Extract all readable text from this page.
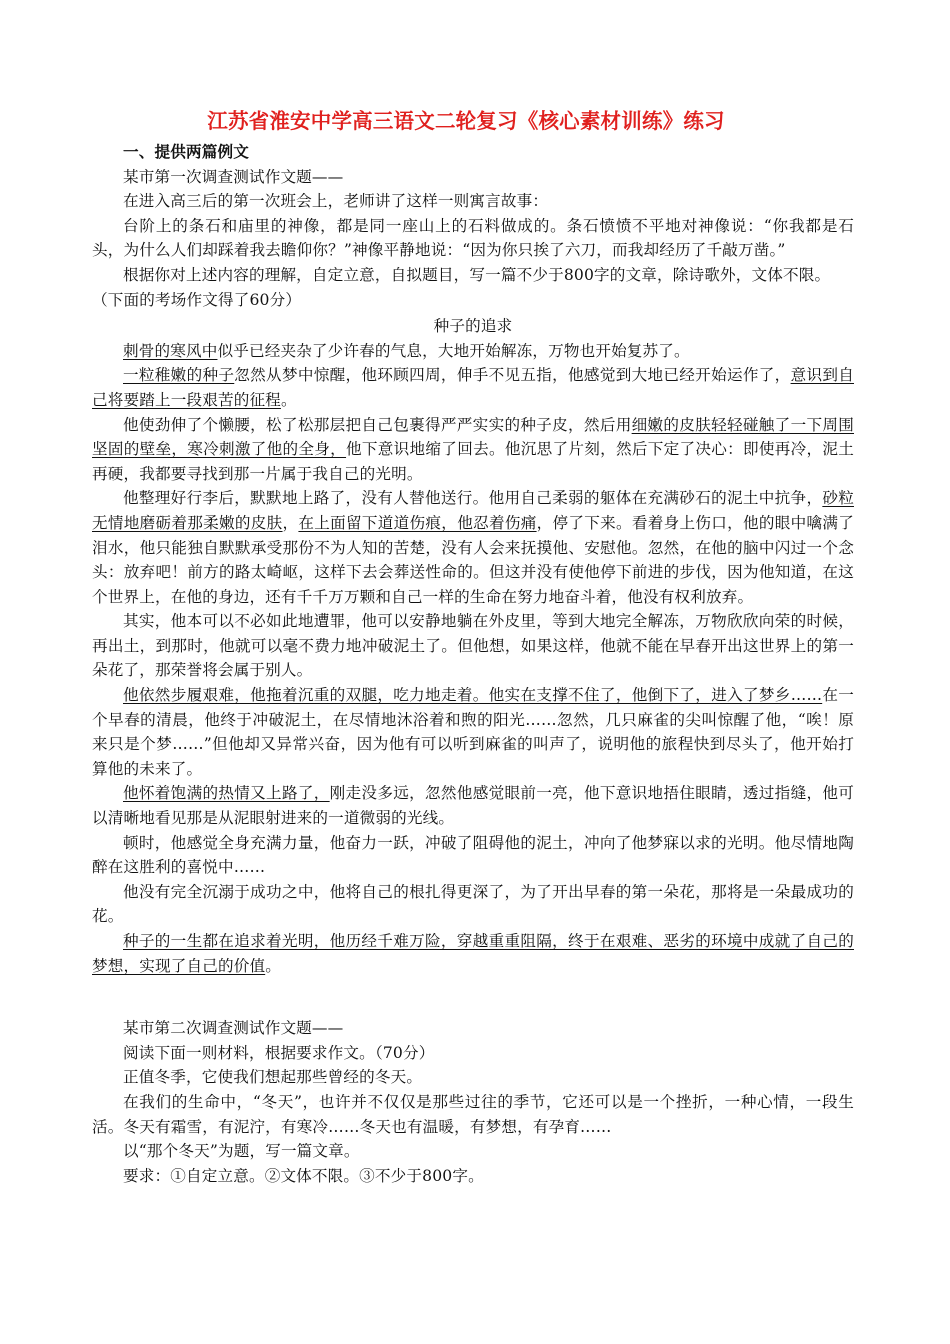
江苏省淮安中学高三语文二轮复习《核心素材训练》练习

一、提供两篇例文

某市第一次调查测试作文题——

在进入高三后的第一次班会上，老师讲了这样一则寓言故事：

台阶上的条石和庙里的神像，都是同一座山上的石料做成的。条石愤愤不平地对神像说：“你我都是石头，为什么人们却踩着我去瞻仰你？”神像平静地说：“因为你只挨了六刀，而我却经历了千敲万凿。”

根据你对上述内容的理解，自定立意，自拟题目，写一篇不少于800字的文章，除诗歌外，文体不限。

（下面的考场作文得了60分）

种子的追求

刺骨的寒风中似乎已经夹杂了少许春的气息，大地开始解冻，万物也开始复苏了。

一粒稚嫩的种子忽然从梦中惊醒，他环顾四周，伸手不见五指，他感觉到大地已经开始运作了，意识到自己将要踏上一段艰苦的征程。

他使劲伸了个懒腰，松了松那层把自己包裹得严严实实的种子皮，然后用细嫩的皮肤轻轻碰触了一下周围坚固的壁垒，寒冷刺激了他的全身，他下意识地缩了回去。他沉思了片刻，然后下定了决心：即使再冷，泥土再硬，我都要寻找到那一片属于我自己的光明。

他整理好行李后，默默地上路了，没有人替他送行。他用自己柔弱的躯体在充满砂石的泥土中抗争，砂粒无情地磨砺着那柔嫩的皮肤，在上面留下道道伤痕，他忍着伤痛，停了下来。看着身上伤口，他的眼中噙满了泪水，他只能独自默默承受那份不为人知的苦楚，没有人会来抚摸他、安慰他。忽然，在他的脑中闪过一个念头：放弃吧！前方的路太崎岖，这样下去会葬送性命的。但这并没有使他停下前进的步伐，因为他知道，在这个世界上，在他的身边，还有千千万万颗和自己一样的生命在努力地奋斗着，他没有权利放弃。

其实，他本可以不必如此地遭罪，他可以安静地躺在外皮里，等到大地完全解冻，万物欣欣向荣的时候，再出土，到那时，他就可以毫不费力地冲破泥土了。但他想，如果这样，他就不能在早春开出这世界上的第一朵花了，那荣誉将会属于别人。

他依然步履艰难，他拖着沉重的双腿，吃力地走着。他实在支撑不住了，他倒下了，进入了梦乡……在一个早春的清晨，他终于冲破泥土，在尽情地沐浴着和煦的阳光……忽然，几只麻雀的尖叫惊醒了他，“唉！原来只是个梦……”但他却又异常兴奋，因为他有可以听到麻雀的叫声了，说明他的旅程快到尽头了，他开始打算他的未来了。

他怀着饱满的热情又上路了，刚走没多远，忽然他感觉眼前一亮，他下意识地捂住眼睛，透过指缝，他可以清晰地看见那是从泥眼射进来的一道微弱的光线。

顿时，他感觉全身充满力量，他奋力一跃，冲破了阻碍他的泥土，冲向了他梦寐以求的光明。他尽情地陶醉在这胜利的喜悦中……

他没有完全沉溺于成功之中，他将自己的根扎得更深了，为了开出早春的第一朵花，那将是一朵最成功的花。

种子的一生都在追求着光明，他历经千难万险，穿越重重阻隔，终于在艰难、恶劣的环境中成就了自己的梦想，实现了自己的价值。

某市第二次调查测试作文题——

阅读下面一则材料，根据要求作文。（70分）

正值冬季，它使我们想起那些曾经的冬天。

在我们的生命中，“冬天”，也许并不仅仅是那些过往的季节，它还可以是一个挫折，一种心情，一段生活。冬天有霜雪，有泥泞，有寒冷……冬天也有温暖，有梦想，有孕育……

以“那个冬天”为题，写一篇文章。

要求：①自定立意。②文体不限。③不少于800字。
